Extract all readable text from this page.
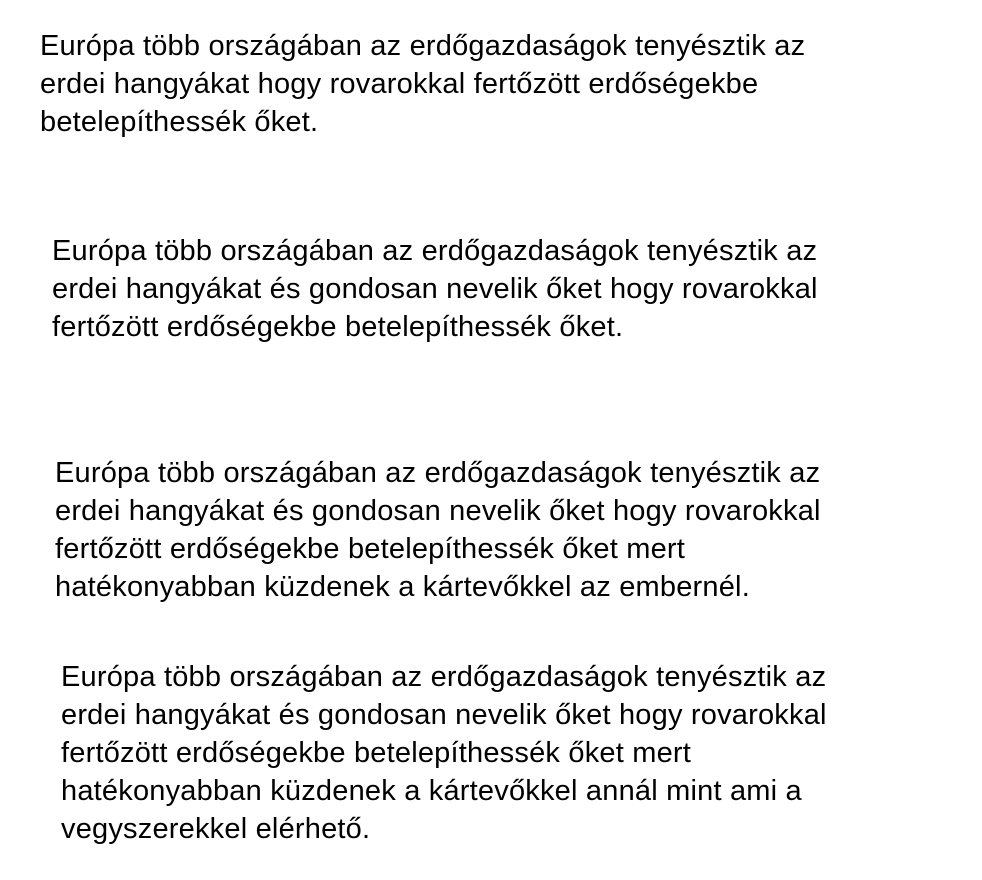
Európa több országában az erdőgazdaságok tenyésztik az
erdei hangyákat hogy rovarokkal fertőzött erdőségekbe
betelepíthessék őket.
Európa több országában az erdőgazdaságok tenyésztik az
erdei hangyákat és gondosan nevelik őket hogy rovarokkal
fertőzött erdőségekbe betelepíthessék őket.
Európa több országában az erdőgazdaságok tenyésztik az
erdei hangyákat és gondosan nevelik őket hogy rovarokkal
fertőzött erdőségekbe betelepíthessék őket mert
hatékonyabban küzdenek a kártevőkkel az embernél.
Európa több országában az erdőgazdaságok tenyésztik az
erdei hangyákat és gondosan nevelik őket hogy rovarokkal
fertőzött erdőségekbe betelepíthessék őket mert
hatékonyabban küzdenek a kártevőkkel annál mint ami a
vegyszerekkel elérhető.
